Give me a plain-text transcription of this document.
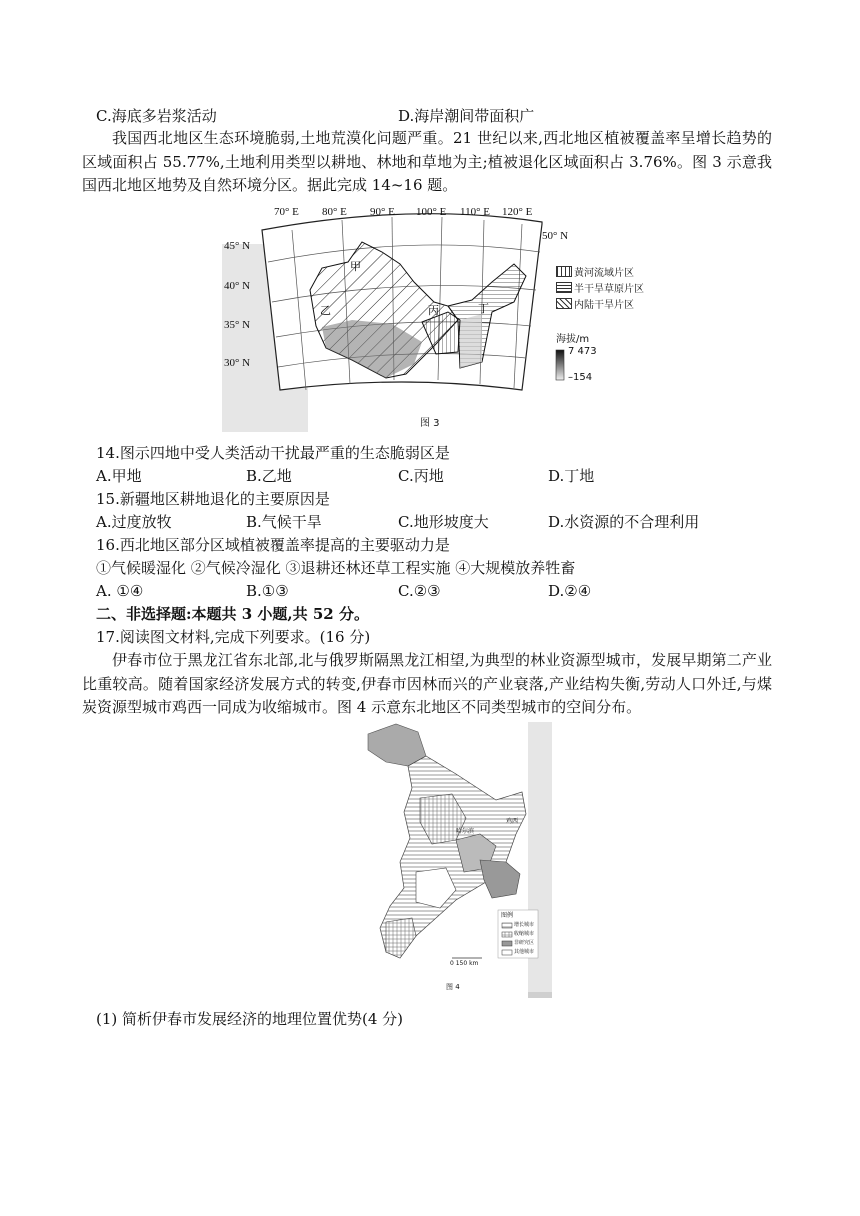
C.海底多岩浆活动	D.海岸潮间带面积广
我国西北地区生态环境脆弱,土地荒漠化问题严重。21 世纪以来,西北地区植被覆盖率呈增长趋势的区域面积占 55.77%,土地利用类型以耕地、林地和草地为主;植被退化区域面积占 3.76%。图 3 示意我国西北地区地势及自然环境分区。据此完成 14~16 题。
甲
乙	丙	丁
70° E 80° E 90° E 100° E 110° E 120° E
50° N
45° N
40° N
35° N
30° N
黄河流域片区
半干旱草原片区
内陆干旱片区
海拔/m
7 473
–154
图 3
14.图示四地中受人类活动干扰最严重的生态脆弱区是
A.甲地	B.乙地	C.丙地	D.丁地
15.新疆地区耕地退化的主要原因是
A.过度放牧	B.气候干旱	C.地形坡度大	D.水资源的不合理利用
16.西北地区部分区域植被覆盖率提高的主要驱动力是
①气候暖湿化 ②气候冷湿化 ③退耕还林还草工程实施 ④大规模放养牲畜
A. ①④	B.①③	C.②③	D.②④
二、非选择题:本题共 3 小题,共 52 分。
17.阅读图文材料,完成下列要求。(16 分)
伊春市位于黑龙江省东北部,北与俄罗斯隔黑龙江相望,为典型的林业资源型城市，发展早期第二产业比重较高。随着国家经济发展方式的转变,伊春市因林而兴的产业衰落,产业结构失衡,劳动人口外迁,与煤炭资源型城市鸡西一同成为收缩城市。图 4 示意东北地区不同类型城市的空间分布。
哈尔滨
鸡西
图例
增长城市
收缩城市
非研究区
其他城市
0 150 km
图 4
(1) 简析伊春市发展经济的地理位置优势(4 分)
